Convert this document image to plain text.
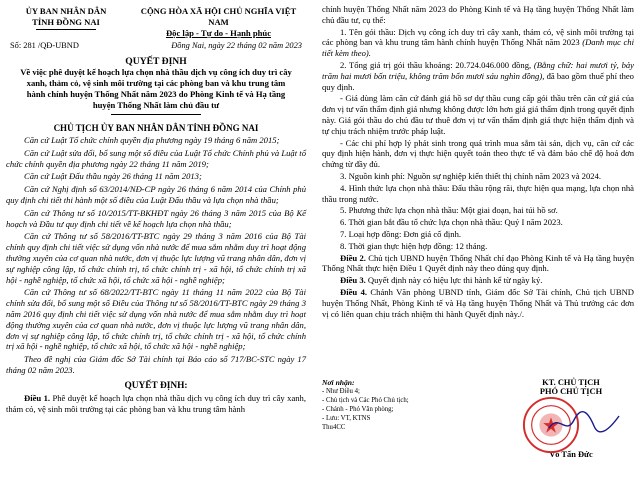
ỦY BAN NHÂN DÂN
TỈNH ĐỒNG NAI
CỘNG HÒA XÃ HỘI CHỦ NGHĨA VIỆT NAM
Độc lập - Tự do - Hạnh phúc
Số: 281 /QĐ-UBND	Đồng Nai, ngày 22 tháng 02 năm 2023
QUYẾT ĐỊNH
Về việc phê duyệt kế hoạch lựa chọn nhà thầu dịch vụ công ích duy trì cây xanh, thảm cỏ, vệ sinh môi trường tại các phòng ban và khu trung tâm hành chính huyện Thống Nhất năm 2023 do Phòng Kinh tế và Hạ tầng huyện Thống Nhất làm chủ đầu tư
CHỦ TỊCH ỦY BAN NHÂN DÂN TỈNH ĐỒNG NAI

Căn cứ Luật Tổ chức chính quyền địa phương ngày 19 tháng 6 năm 2015;

Căn cứ Luật sửa đổi, bổ sung một số điều của Luật Tổ chức Chính phủ và Luật tổ chức chính quyền địa phương ngày 22 tháng 11 năm 2019;

Căn cứ Luật Đấu thầu ngày 26 tháng 11 năm 2013;

Căn cứ Nghị định số 63/2014/NĐ-CP ngày 26 tháng 6 năm 2014 của Chính phủ quy định chi tiết thi hành một số điều của Luật Đấu thầu và lựa chọn nhà thầu;

Căn cứ Thông tư số 10/2015/TT-BKHĐT ngày 26 tháng 3 năm 2015 của Bộ Kế hoạch và Đầu tư quy định chi tiết về kế hoạch lựa chọn nhà thầu;

Căn cứ Thông tư số 58/2016/TT-BTC ngày 29 tháng 3 năm 2016 của Bộ Tài chính quy định chi tiết việc sử dụng vốn nhà nước để mua sắm nhằm duy trì hoạt động thường xuyên của cơ quan nhà nước, đơn vị thuộc lực lượng vũ trang nhân dân, đơn vị sự nghiệp công lập, tổ chức chính trị, tổ chức chính trị - xã hội, tổ chức chính trị xã hội - nghề nghiệp, tổ chức xã hội, tổ chức xã hội - nghề nghiệp;

Căn cứ Thông tư số 68/2022/TT-BTC ngày 11 tháng 11 năm 2022 của Bộ Tài chính sửa đổi, bổ sung một số Điều của Thông tư số 58/2016/TT-BTC ngày 29 tháng 3 năm 2016 quy định chi tiết việc sử dụng vốn nhà nước để mua sắm nhằm duy trì hoạt động thường xuyên của cơ quan nhà nước, đơn vị thuộc lực lượng vũ trang nhân dân, đơn vị sự nghiệp công lập, tổ chức chính trị, tổ chức chính trị - xã hội, tổ chức chính trị xã hội - nghề nghiệp, tổ chức xã hội, tổ chức xã hội - nghề nghiệp;

Theo đề nghị của Giám đốc Sở Tài chính tại Báo cáo số 717/BC-STC ngày 17 tháng 02 năm 2023.

QUYẾT ĐỊNH:

Điều 1. Phê duyệt kế hoạch lựa chọn nhà thầu dịch vụ công ích duy trì cây xanh, thảm cỏ, vệ sinh môi trường tại các phòng ban và khu trung tâm hành

chính huyện Thống Nhất năm 2023 do Phòng Kinh tế và Hạ tầng huyện Thống Nhất làm chủ đầu tư, cụ thể:

1. Tên gói thầu: Dịch vụ công ích duy trì cây xanh, thảm cỏ, vệ sinh môi trường tại các phòng ban và khu trung tâm hành chính huyện Thống Nhất năm 2023 (Danh mục chi tiết kèm theo).

2. Tổng giá trị gói thầu khoảng: 20.724.046.000 đồng, (Bằng chữ: hai mươi tỷ, bảy trăm hai mươi bốn triệu, không trăm bốn mươi sáu nghìn đồng), đã bao gồm thuế phí theo quy định.

- Giá dùng làm căn cứ đánh giá hồ sơ dự thầu cung cấp gói thầu trên căn cứ giá của đơn vị tư vấn thẩm định giá nhưng không được lớn hơn giá giá thẩm định trong quyết định này. Giá gói thầu do chủ đầu tư thuê đơn vị tư vấn thẩm định giá thực hiện thẩm định và tự chịu trách nhiệm trước pháp luật.

- Các chi phí hợp lý phát sinh trong quá trình mua sắm tài sản, dịch vụ, căn cứ các quy định hiện hành, đơn vị thực hiện quyết toán theo thực tế và đảm bảo chế độ hoá đơn chứng từ đầy đủ.

3. Nguồn kinh phí: Nguồn sự nghiệp kiến thiết thị chính năm 2023 và 2024.

4. Hình thức lựa chọn nhà thầu: Đấu thầu rộng rãi, thực hiện qua mạng, lựa chọn nhà thầu trong nước.

5. Phương thức lựa chọn nhà thầu: Một giai đoạn, hai túi hồ sơ.

6. Thời gian bắt đầu tổ chức lựa chọn nhà thầu: Quý I năm 2023.

7. Loại hợp đồng: Đơn giá cố định.

8. Thời gian thực hiện hợp đồng: 12 tháng.

Điều 2. Chủ tịch UBND huyện Thống Nhất chỉ đạo Phòng Kinh tế và Hạ tầng huyện Thống Nhất thực hiện Điều 1 Quyết định này theo đúng quy định.

Điều 3. Quyết định này có hiệu lực thi hành kể từ ngày ký.

Điều 4. Chánh Văn phòng UBND tỉnh, Giám đốc Sở Tài chính, Chủ tịch UBND huyện Thống Nhất, Phòng Kinh tế và Hạ tầng huyện Thống Nhất và Thủ trưởng các đơn vị có liên quan chịu trách nhiệm thi hành Quyết định này./.

Nơi nhận:
- Như Điều 4;
- Chủ tịch và Các Phó Chủ tịch;
- Chánh - Phó Văn phòng;
- Lưu: VT, KTNS
Thu4CC
KT. CHỦ TỊCH
PHÓ CHỦ TỊCH
Võ Tấn Đức
